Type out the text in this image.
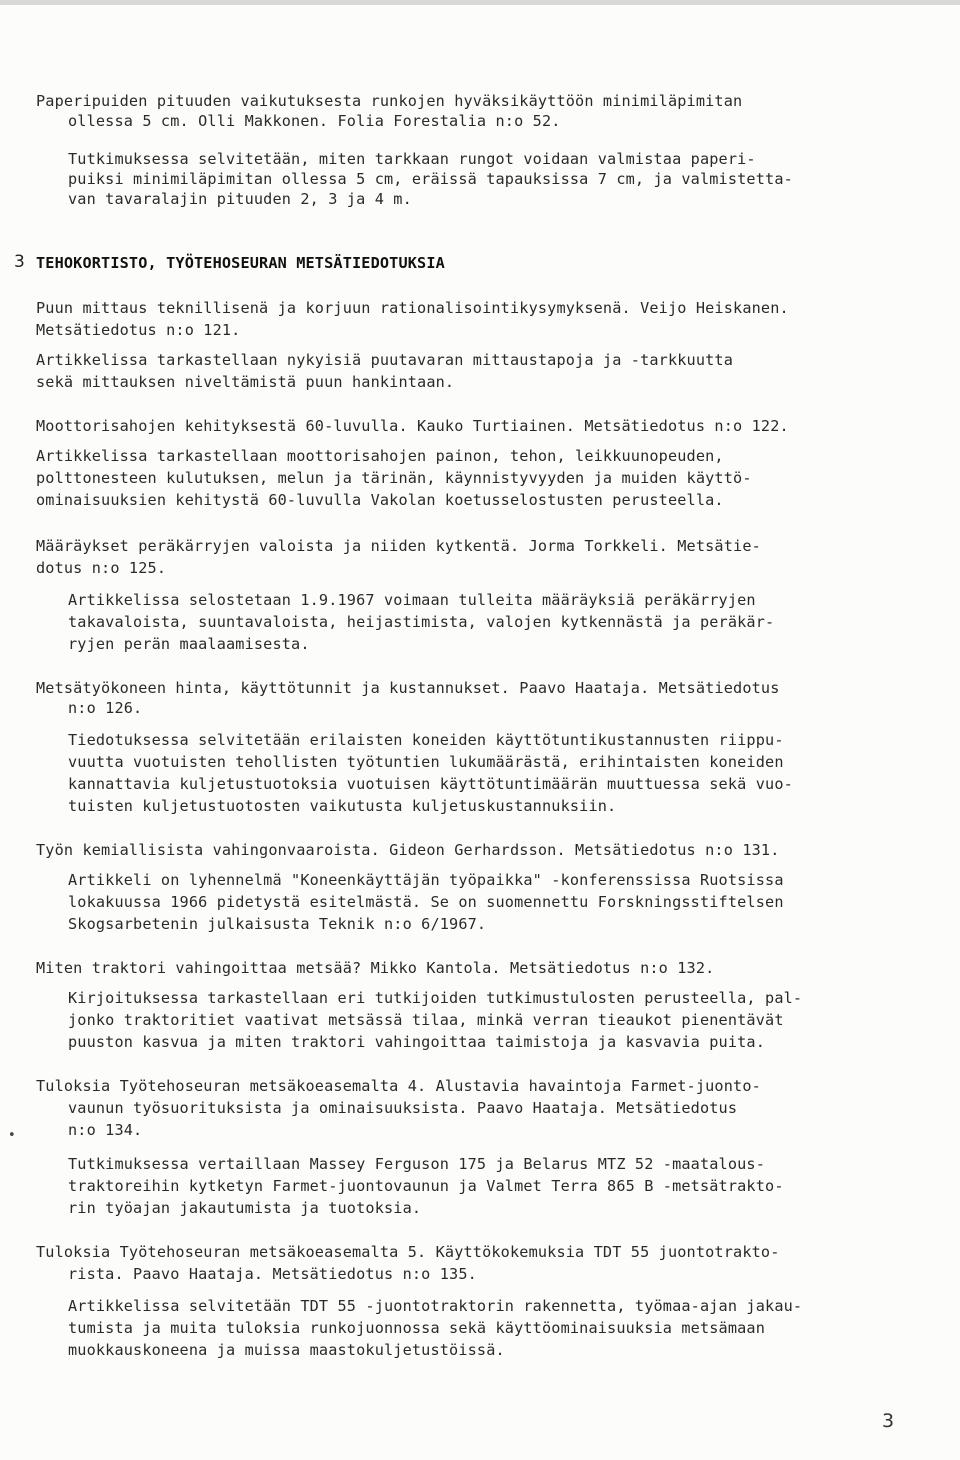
Paperipuiden pituuden vaikutuksesta runkojen hyväksikäyttöön minimiläpimitan
ollessa 5 cm. Olli Makkonen. Folia Forestalia n:o 52.
Tutkimuksessa selvitetään, miten tarkkaan rungot voidaan valmistaa paperi-
puiksi minimiläpimitan ollessa 5 cm, eräissä tapauksissa 7 cm, ja valmistetta-
van tavaralajin pituuden 2, 3 ja 4 m.
3 TEHOKORTISTO, TYÖTEHOSEURAN METSÄTIEDOTUKSIA
Puun mittaus teknillisenä ja korjuun rationalisointikysymyksenä. Veijo Heiskanen.
Metsätiedotus n:o 121.
Artikkelissa tarkastellaan nykyisiä puutavaran mittaustapoja ja -tarkkuutta
sekä mittauksen niveltämistä puun hankintaan.
Moottorisahojen kehityksestä 60-luvulla. Kauko Turtiainen. Metsätiedotus n:o 122.
Artikkelissa tarkastellaan moottorisahojen painon, tehon, leikkuunopeuden,
polttonesteen kulutuksen, melun ja tärinän, käynnistyvyyden ja muiden käyttö-
ominaisuuksien kehitystä 60-luvulla Vakolan koetusselostusten perusteella.
Määräykset peräkärryjen valoista ja niiden kytkentä. Jorma Torkkeli. Metsätie-
dotus n:o 125.
Artikkelissa selostetaan 1.9.1967 voimaan tulleita määräyksiä peräkärryjen
takavaloista, suuntavaloista, heijastimista, valojen kytkennästä ja peräkär-
ryjen perän maalaamisesta.
Metsätyökoneen hinta, käyttötunnit ja kustannukset. Paavo Haataja. Metsätiedotus
n:o 126.
Tiedotuksessa selvitetään erilaisten koneiden käyttötuntikustannusten riippu-
vuutta vuotuisten tehollisten työtuntien lukumäärästä, erihintaisten koneiden
kannattavia kuljetustuotoksia vuotuisen käyttötuntimäärän muuttuessa sekä vuo-
tuisten kuljetustuotosten vaikutusta kuljetuskustannuksiin.
Työn kemiallisista vahingonvaaroista. Gideon Gerhardsson. Metsätiedotus n:o 131.
Artikkeli on lyhennelmä "Koneenkäyttäjän työpaikka" -konferenssissa Ruotsissa
lokakuussa 1966 pidetystä esitelmästä. Se on suomennettu Forskningsstiftelsen
Skogsarbetenin julkaisusta Teknik n:o 6/1967.
Miten traktori vahingoittaa metsää? Mikko Kantola. Metsätiedotus n:o 132.
Kirjoituksessa tarkastellaan eri tutkijoiden tutkimustulosten perusteella, pal-
jonko traktoritiet vaativat metsässä tilaa, minkä verran tieaukot pienentävät
puuston kasvua ja miten traktori vahingoittaa taimistoja ja kasvavia puita.
Tuloksia Työtehoseuran metsäkoeasemalta 4. Alustavia havaintoja Farmet-juonto-
vaunun työsuorituksista ja ominaisuuksista. Paavo Haataja. Metsätiedotus
•	n:o 134.
Tutkimuksessa vertaillaan Massey Ferguson 175 ja Belarus MTZ 52 -maatalous-
traktoreihin kytketyn Farmet-juontovaunun ja Valmet Terra 865 B -metsätrakto-
rin työajan jakautumista ja tuotoksia.
Tuloksia Työtehoseuran metsäkoeasemalta 5. Käyttökokemuksia TDT 55 juontotrakto-
rista. Paavo Haataja. Metsätiedotus n:o 135.
Artikkelissa selvitetään TDT 55 -juontotraktorin rakennetta, työmaa-ajan jakau-
tumista ja muita tuloksia runkojuonnossa sekä käyttöominaisuuksia metsämaan
muokkauskoneena ja muissa maastokuljetustöissä.
3
